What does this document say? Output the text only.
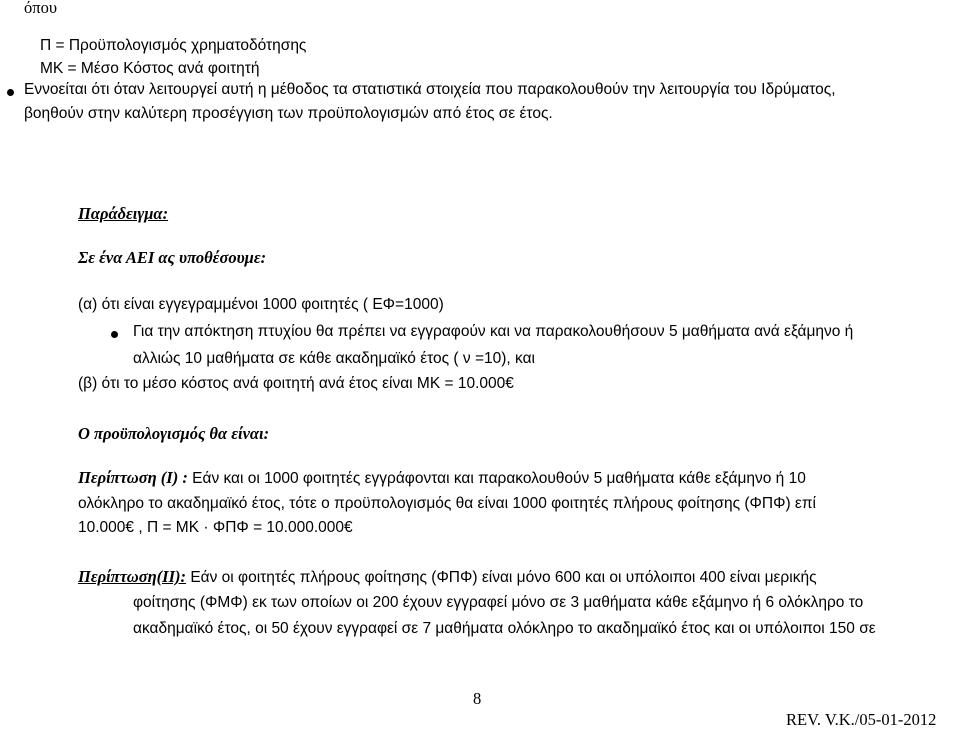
όπου
Π = Προϋπολογισμός χρηματοδότησης
ΜΚ = Μέσο Κόστος ανά φοιτητή
Εννοείται ότι όταν λειτουργεί αυτή η μέθοδος τα στατιστικά στοιχεία που παρακολουθούν την λειτουργία του Ιδρύματος,
βοηθούν στην καλύτερη προσέγγιση των προϋπολογισμών από έτος σε έτος.
Παράδειγμα:
Σε ένα ΑΕΙ ας υποθέσουμε:
(α) ότι είναι εγγεγραμμένοι 1000 φοιτητές ( ΕΦ=1000)
Για την απόκτηση πτυχίου θα πρέπει να εγγραφούν και να παρακολουθήσουν 5 μαθήματα ανά εξάμηνο ή
αλλιώς 10 μαθήματα σε κάθε ακαδημαϊκό έτος ( ν =10), και
(β) ότι το μέσο κόστος ανά φοιτητή ανά έτος είναι ΜΚ = 10.000€
Ο προϋπολογισμός θα είναι:
Περίπτωση (Ι) : Εάν και οι 1000 φοιτητές εγγράφονται και παρακολουθούν 5 μαθήματα κάθε εξάμηνο ή 10
ολόκληρο το ακαδημαϊκό έτος, τότε ο προϋπολογισμός θα είναι 1000 φοιτητές πλήρους φοίτησης (ΦΠΦ) επί
10.000€ , Π = ΜΚ · ΦΠΦ = 10.000.000€
Περίπτωση(ΙΙ): Εάν οι φοιτητές πλήρους φοίτησης (ΦΠΦ) είναι μόνο 600 και οι υπόλοιποι 400 είναι μερικής
φοίτησης (ΦΜΦ) εκ των οποίων οι 200 έχουν εγγραφεί μόνο σε 3 μαθήματα κάθε εξάμηνο ή 6 ολόκληρο το
ακαδημαϊκό έτος, οι 50 έχουν εγγραφεί σε 7 μαθήματα ολόκληρο το ακαδημαϊκό έτος και οι υπόλοιποι 150 σε
8
REV. V.K./05-01-2012
